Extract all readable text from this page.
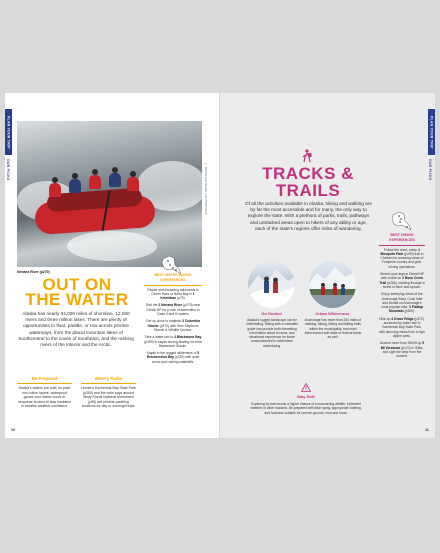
PLAN YOUR TRIP
OUR PICKS	© PROPELLER IMAGES / SHUTTERSTOCK
Nenana River (p275)
OUT ON
THE WATER
Alaska has nearly 34,000 miles of shoreline, 12,000 rivers and three million lakes. There are plenty of opportunities to float, paddle, or row across pristine waterways, from the placid mountain lakes of Southcentral to the coves of Southeast, and the rushing rivers of the Interior and the Arctic.
Be Prepared
Alaska's waters are cold, so pack non-cotton layers, waterproof gloves and rubber boots or neoprene booties to stay insulated in variable weather conditions.
Watery Parks
Homer's Kachemak Bay State Park (p350) and the calm bays around Misty Fjords National Monument (p95) are pristine paddling locations for day or overnight trips.
BEST WATER-BASED EXPERIENCES
Paddle amid towering rainforests in Clover Pass or Naha Bay in 1 Ketchikan (p75).
Raft the 2 Nenana River (p275) near Denali NP for a rush of adrenaline in Class II and III waters.
Get up close to majestic 3 Columbia Glacier (p370) with Stan Stephens Glacier & Wildlife Cruises.
Take a water taxi to 4 Blackstone Bay (p359) to kayak among floating ice near Blackstone Glacier.
Kayak in the rugged wilderness of 5 Resurrection Bay (p323) with quiet coves and rushing waterfalls.
10
PLAN YOUR TRIP
OUR PICKS
TRACKS &
TRAILS
Of all the activities available in Alaska, hiking and walking are by far the most accessible and for many, the only way to explore the state. With a plethora of parks, trails, pathways and untracked areas open to hikers of any ability or age, each of the state's regions offer miles of wandering.
Go Guided
Alaska's rugged landscape can be intimidating. Hiking with a naturalist guide can provide both interesting information about an area, and situational experience for those unaccustomed to wilderness adventuring.
Urban Wilderness
Anchorage has more than 200 miles of walking, biking, hiking and biking trails within the municipality, and most interconnect with state or federal lands as well.
Stay Safe
Exploring by trail means a higher chance of encountering wildlife, inclement weather or other hazards. Be prepared with bear spray, appropriate clothing, and footwear suitable for uneven ground, mud and snow.
BEST HIKING EXPERIENCES
Follow the short, steep 1 Mosquito Park (p290) trail in Chicken for amazing views of Fortymile country and gold-mining operations.
Stretch your legs in Denali NP with a hike on 2 Rock Creek Trail (p268), winding through a forest of birch and spruce.
Enjoy sweeping views of the Anchorage Bowl, Cook Inlet and Denali on Anchorage's most popular hike, 3 Flattop Mountain (p305).
Hike up 4 Grace Ridge (p372), accessed by water taxi in Kachemak Bay State Park, with stunning views from a high alpine peak.
Ascend more than 2500ft up 5 Mt Verstovia (p123) in Sitka, and ogle the view from the summit.
11
